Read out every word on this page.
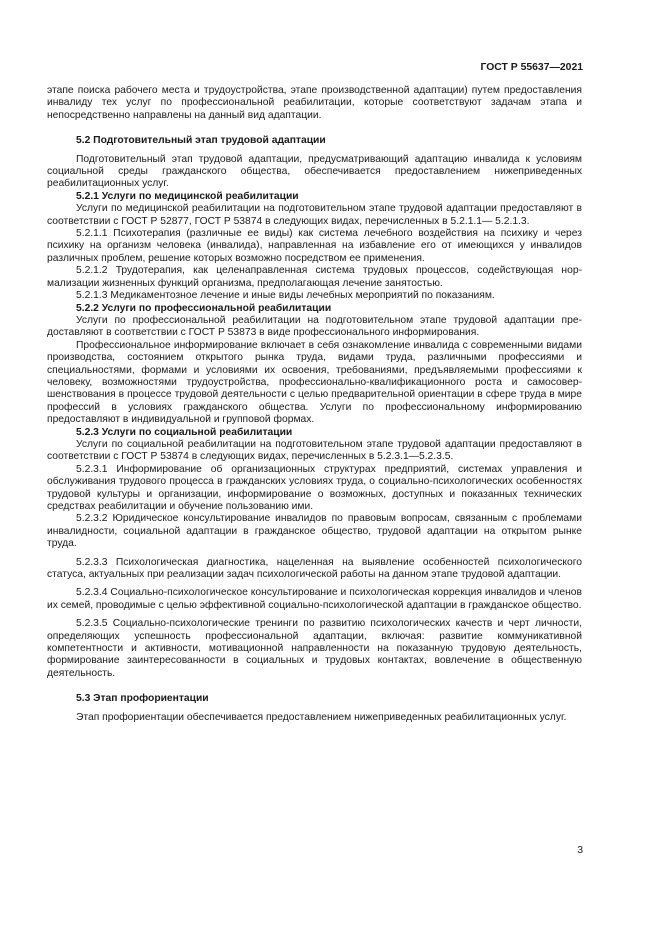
ГОСТ Р 55637—2021

этапе поиска рабочего места и трудоустройства, этапе производственной адаптации) путем предоставления инвалиду тех услуг по профессиональной реабилитации, которые соответствуют задачам этапа и непосредственно направлены на данный вид адаптации.

5.2 Подготовительный этап трудовой адаптации

Подготовительный этап трудовой адаптации, предусматривающий адаптацию инвалида к условиям социальной среды гражданского общества, обеспечивается предоставлением нижеприведенных реабилитационных услуг.

5.2.1 Услуги по медицинской реабилитации

Услуги по медицинской реабилитации на подготовительном этапе трудовой адаптации предоставляют в соответствии с ГОСТ Р 52877, ГОСТ Р 53874 в следующих видах, перечисленных в 5.2.1.1— 5.2.1.3.

5.2.1.1 Психотерапия (различные ее виды) как система лечебного воздействия на психику и через психику на организм человека (инвалида), направленная на избавление его от имеющихся у инвалидов различных проблем, решение которых возможно посредством ее применения.

5.2.1.2 Трудотерапия, как целенаправленная система трудовых процессов, содействующая нормализации жизненных функций организма, предполагающая лечение занятостью.

5.2.1.3 Медикаментозное лечение и иные виды лечебных мероприятий по показаниям.

5.2.2 Услуги по профессиональной реабилитации

Услуги по профессиональной реабилитации на подготовительном этапе трудовой адаптации предоставляют в соответствии с ГОСТ Р 53873 в виде профессионального информирования.

Профессиональное информирование включает в себя ознакомление инвалида с современными видами производства, состоянием открытого рынка труда, видами труда, различными профессиями и специальностями, формами и условиями их освоения, требованиями, предъявляемыми профессиями к человеку, возможностями трудоустройства, профессионально-квалификационного роста и самосовершенствования в процессе трудовой деятельности с целью предварительной ориентации в сфере труда в мире профессий в условиях гражданского общества. Услуги по профессиональному информированию предоставляют в индивидуальной и групповой формах.

5.2.3 Услуги по социальной реабилитации

Услуги по социальной реабилитации на подготовительном этапе трудовой адаптации предоставляют в соответствии с ГОСТ Р 53874 в следующих видах, перечисленных в 5.2.3.1—5.2.3.5.

5.2.3.1 Информирование об организационных структурах предприятий, системах управления и обслуживания трудового процесса в гражданских условиях труда, о социально-психологических особенностях трудовой культуры и организации, информирование о возможных, доступных и показанных технических средствах реабилитации и обучение пользованию ими.

5.2.3.2 Юридическое консультирование инвалидов по правовым вопросам, связанным с проблемами инвалидности, социальной адаптации в гражданское общество, трудовой адаптации на открытом рынке труда.

5.2.3.3 Психологическая диагностика, нацеленная на выявление особенностей психологического статуса, актуальных при реализации задач психологической работы на данном этапе трудовой адаптации.

5.2.3.4 Социально-психологическое консультирование и психологическая коррекция инвалидов и членов их семей, проводимые с целью эффективной социально-психологической адаптации в гражданское общество.

5.2.3.5 Социально-психологические тренинги по развитию психологических качеств и черт личности, определяющих успешность профессиональной адаптации, включая: развитие коммуникативной компетентности и активности, мотивационной направленности на показанную трудовую деятельность, формирование заинтересованности в социальных и трудовых контактах, вовлечение в общественную деятельность.

5.3 Этап профориентации

Этап профориентации обеспечивается предоставлением нижеприведенных реабилитационных услуг.

3
